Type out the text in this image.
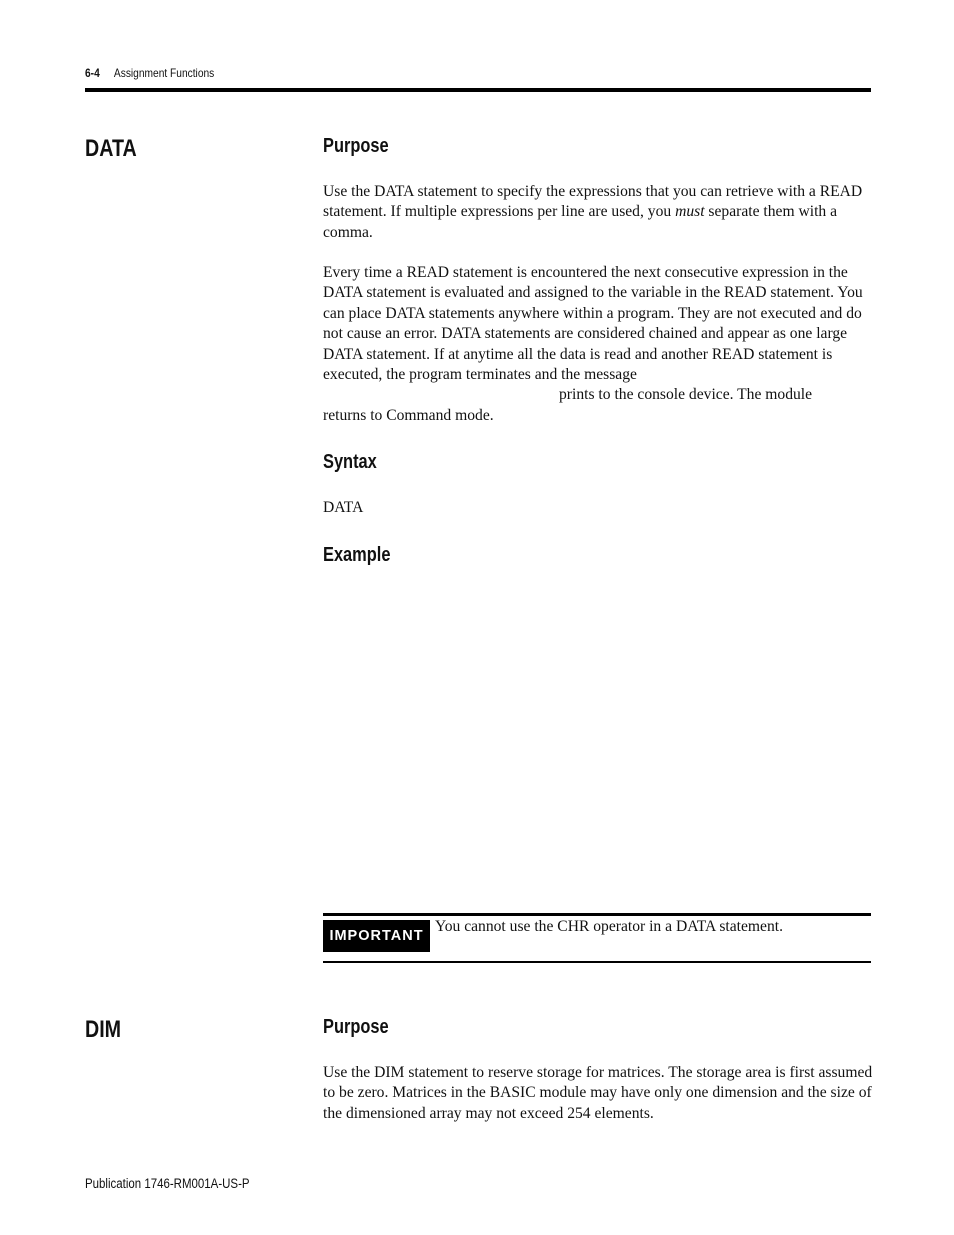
6-4 Assignment Functions
DATA	Purpose

Use the DATA statement to specify the expressions that you can retrieve with a READ statement. If multiple expressions per line are used, you must separate them with a comma.

Every time a READ statement is encountered the next consecutive expression in the DATA statement is evaluated and assigned to the variable in the READ statement. You can place DATA statements anywhere within a program. They are not executed and do not cause an error. DATA statements are considered chained and appear as one large DATA statement. If at anytime all the data is read and another READ statement is executed, the program terminates and the message

prints to the console device. The module

returns to Command mode.

Syntax
DATA
Example
IMPORTANT
You cannot use the CHR operator in a DATA statement.
DIM	Purpose
Use the DIM statement to reserve storage for matrices. The storage area is first assumed to be zero. Matrices in the BASIC module may have only one dimension and the size of the dimensioned array may not exceed 254 elements.
Publication 1746-RM001A-US-P
